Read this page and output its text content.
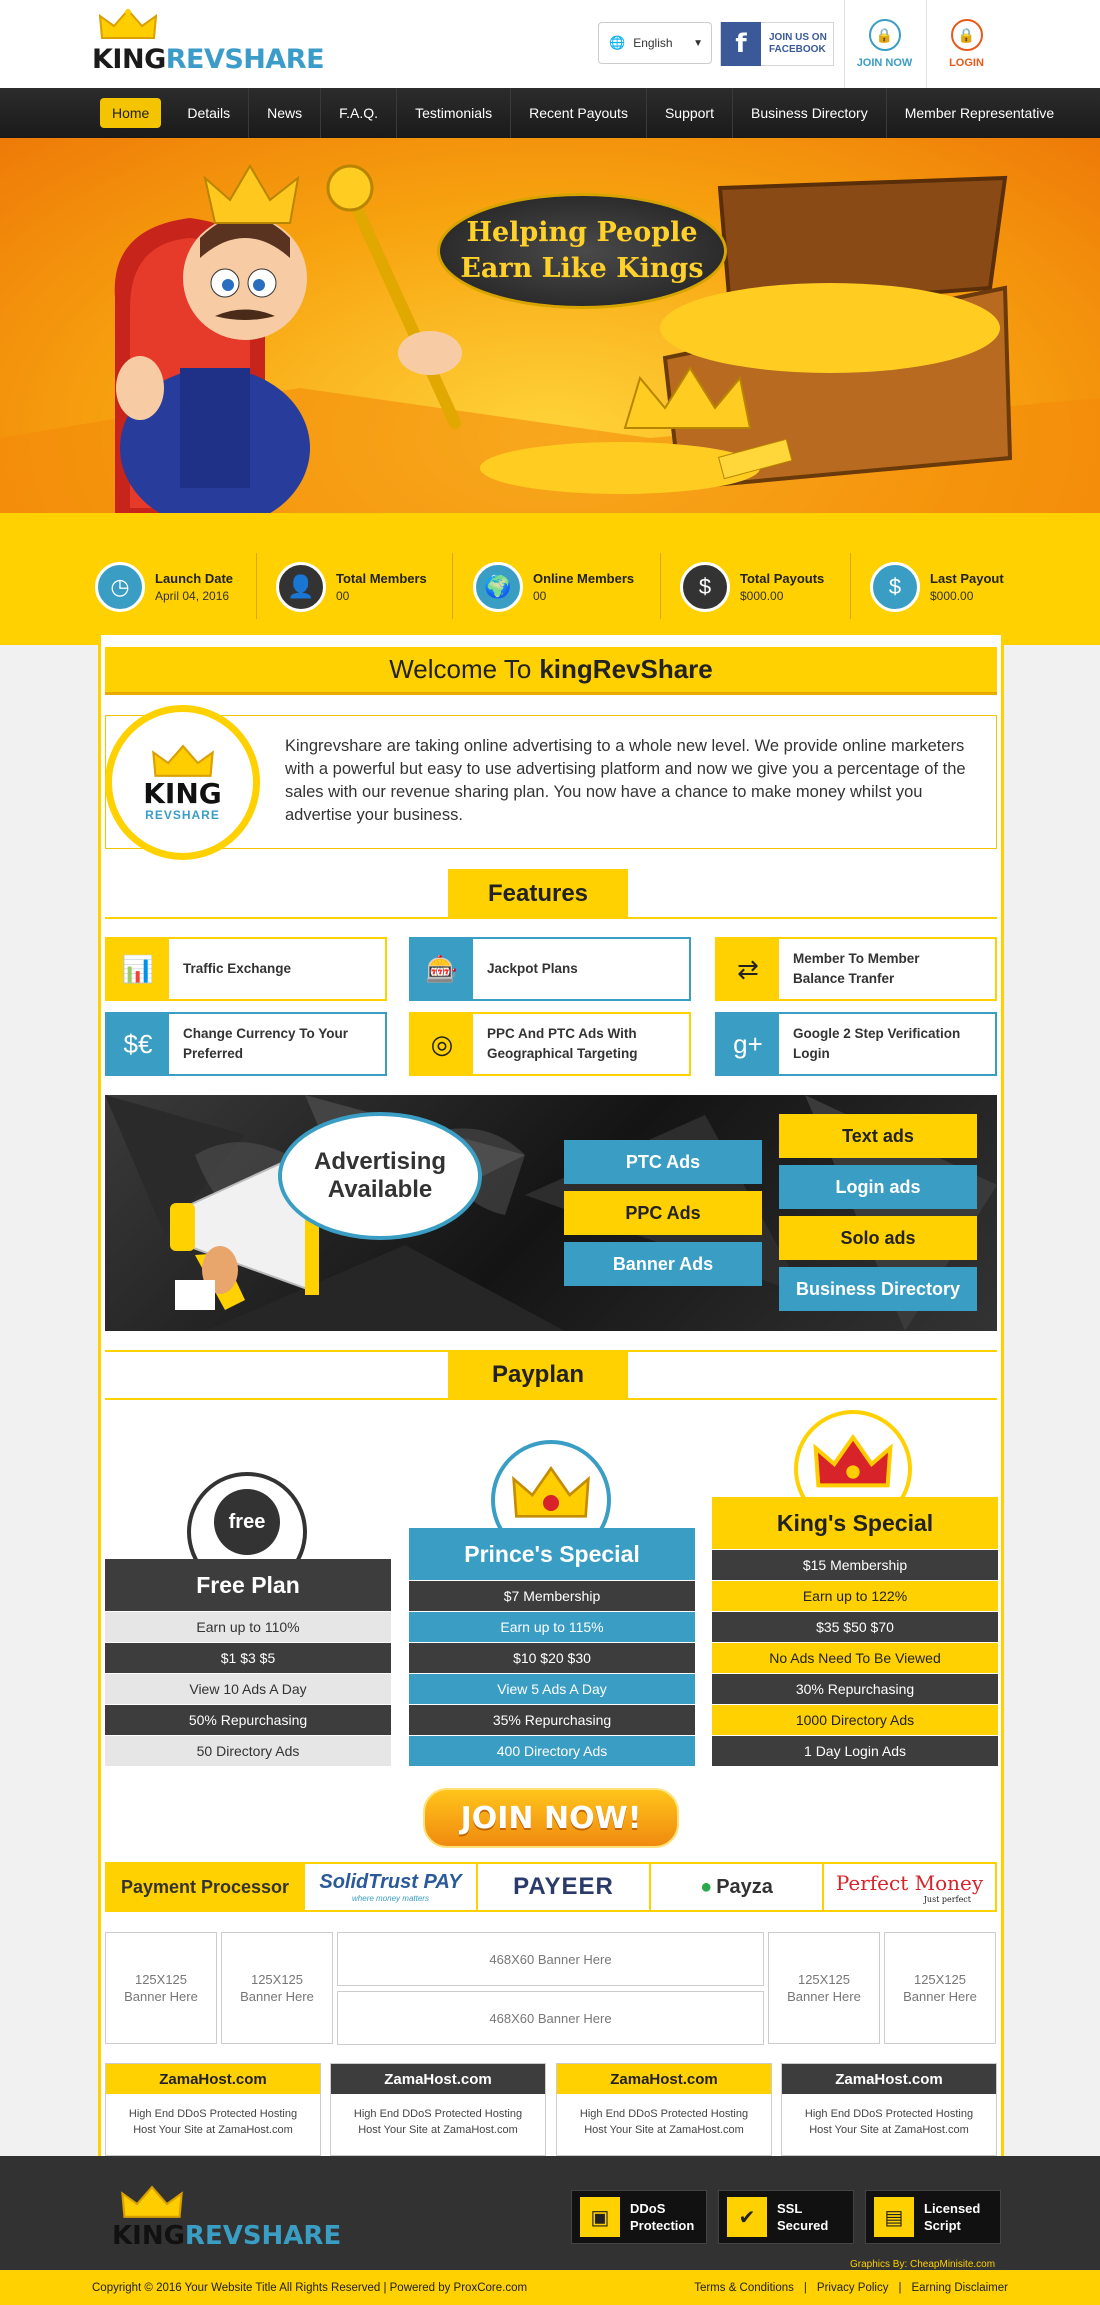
KINGREVSHARE
🌐 English ▼	f	JOIN US ON
FACEBOOK
🔒
JOIN NOW
🔒
LOGIN
Home	Details	News	F.A.Q.	Testimonials	Recent Payouts	Support	Business Directory	Member Representative
Helping People
Earn Like Kings
◷	Launch Date
April 04, 2016	👤	Total Members
00	🌍	Online Members
00	$	Total Payouts
$000.00	$	Last Payout
$000.00
Welcome To kingRevShare
KING
REVSHARE
Kingrevshare are taking online advertising to a whole new level. We provide online marketers with a powerful but easy to use advertising platform and now we give you a percentage of the sales with our revenue sharing plan. You now have a chance to make money whilst you advertise your business.
Features
📊	Traffic Exchange	🎰	Jackpot Plans	⇄	Member To Member Balance Tranfer
$€	Change Currency To Your Preferred	◎	PPC And PTC Ads With Geographical Targeting	g+	Google 2 Step Verification Login
Advertising Available
PTC Ads
PPC Ads
Banner Ads
Text ads
Login ads
Solo ads
Business Directory
Payplan
free
Free Plan
Earn up to 110%
$1 $3 $5
View 10 Ads A Day
50% Repurchasing
50 Directory Ads
Prince's Special
$7 Membership
Earn up to 115%
$10 $20 $30
View 5 Ads A Day
35% Repurchasing
400 Directory Ads
King's Special
$15 Membership
Earn up to 122%
$35 $50 $70
No Ads Need To Be Viewed
30% Repurchasing
1000 Directory Ads
1 Day Login Ads
JOIN NOW!
Payment Processor	SolidTrust PAY
where money matters	PAYEER	● Payza	Perfect Money
Just perfect
125X125 Banner Here
125X125 Banner Here
468X60 Banner Here
468X60 Banner Here
125X125 Banner Here
125X125 Banner Here
ZamaHost.com
High End DDoS Protected Hosting Host Your Site at ZamaHost.com
ZamaHost.com
High End DDoS Protected Hosting Host Your Site at ZamaHost.com
ZamaHost.com
High End DDoS Protected Hosting Host Your Site at ZamaHost.com
ZamaHost.com
High End DDoS Protected Hosting Host Your Site at ZamaHost.com
KINGREVSHARE
▣	DDoS
Protection	✔	SSL
Secured	▤	Licensed
Script
Graphics By: CheapMinisite.com
Copyright © 2016 Your Website Title All Rights Reserved | Powered by ProxCore.com	Terms & Conditions | Privacy Policy | Earning Disclaimer
